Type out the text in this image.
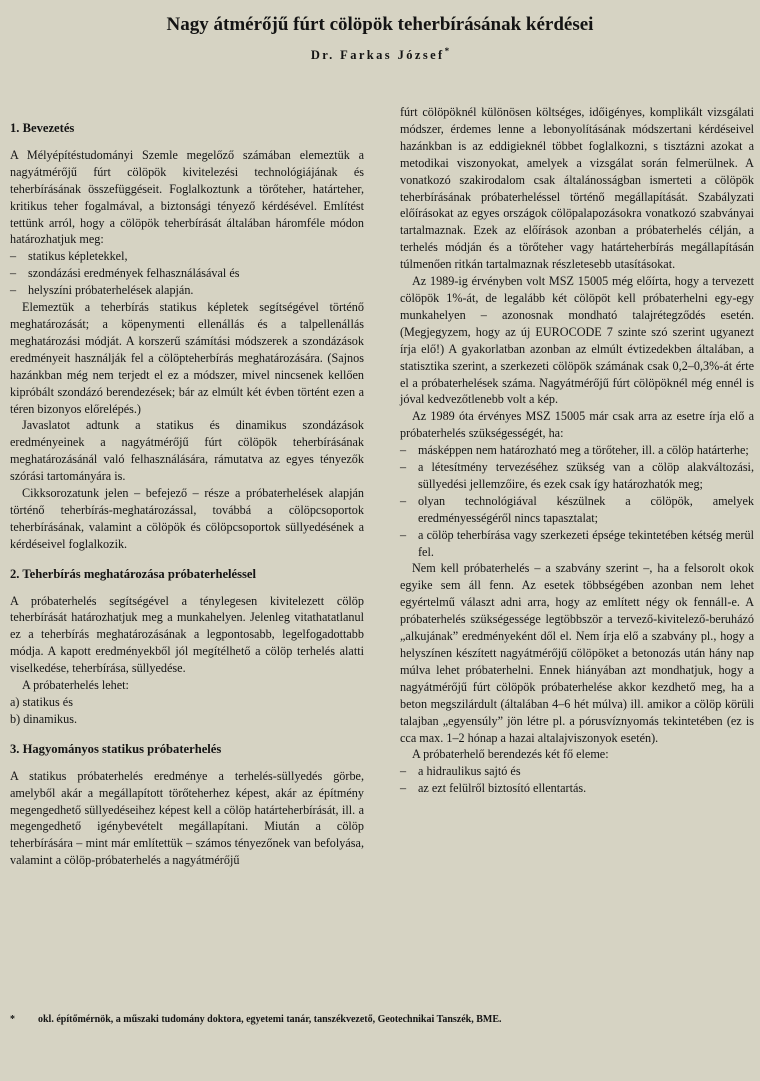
Nagy átmérőjű fúrt cölöpök teherbírásának kérdései
Dr. Farkas József*
1. Bevezetés

A Mélyépítéstudományi Szemle megelőző számában elemeztük a nagyátmérőjű fúrt cölöpök kivitelezési technológiájának és teherbírásának összefüggéseit. Foglalkoztunk a törőteher, határteher, kritikus teher fogalmával, a biztonsági tényező kérdésével. Említést tettünk arról, hogy a cölöpök teherbírását általában háromféle módon határozhatjuk meg:

– statikus képletekkel,
– szondázási eredmények felhasználásával és
– helyszíni próbaterhelések alapján.

Elemeztük a teherbírás statikus képletek segítségével történő meghatározását; a köpenymenti ellenállás és a talpellenállás meghatározási módját. A korszerű számítási módszerek a szondázások eredményeit használják fel a cölöpteherbírás meghatározására. (Sajnos hazánkban még nem terjedt el ez a módszer, mivel nincsenek kellően kipróbált szondázó berendezések; bár az elmúlt két évben történt ezen a téren bizonyos előrelépés.)

Javaslatot adtunk a statikus és dinamikus szondázások eredményeinek a nagyátmérőjű fúrt cölöpök teherbírásának meghatározásánál való felhasználására, rámutatva az egyes tényezők szórási tartományára is.

Cikksorozatunk jelen – befejező – része a próbaterhelések alapján történő teherbírás-meghatározással, továbbá a cölöpcsoportok teherbírásának, valamint a cölöpök és cölöpcsoportok süllyedésének a kérdéseivel foglalkozik.

2. Teherbírás meghatározása próbaterheléssel

A próbaterhelés segítségével a ténylegesen kivitelezett cölöp teherbírását határozhatjuk meg a munkahelyen. Jelenleg vitathatatlanul ez a teherbírás meghatározásának a legpontosabb, legelfogadottabb módja. A kapott eredményekből jól megítélhető a cölöp terhelés alatti viselkedése, teherbírása, süllyedése.

A próbaterhelés lehet:

a) statikus és

b) dinamikus.

3. Hagyományos statikus próbaterhelés

A statikus próbaterhelés eredménye a terhelés-süllyedés görbe, amelyből akár a megállapított törőteherhez képest, akár az építmény megengedhető süllyedéseihez képest kell a cölöp határteherbírását, ill. a megengedhető igénybevételt megállapítani. Miután a cölöp teherbírására – mint már említettük – számos tényezőnek van befolyása, valamint a cölöp-próbaterhelés a nagyátmérőjű

fúrt cölöpöknél különösen költséges, időigényes, komplikált vizsgálati módszer, érdemes lenne a lebonyolításának módszertani kérdéseivel hazánkban is az eddigieknél többet foglalkozni, s tisztázni azokat a metodikai viszonyokat, amelyek a vizsgálat során felmerülnek. A vonatkozó szakirodalom csak általánosságban ismerteti a cölöpök teherbírásának próbaterheléssel történő megállapítását. Szabályzati előírásokat az egyes országok cölöpalapozásokra vonatkozó szabványai tartalmaznak. Ezek az előírások azonban a próbaterhelés céljá‌n, a terhelés módján és a törőteher vagy határteherbírás megállapításán túlmenően ritkán tartalmaznak részletesebb utasításokat.

Az 1989-ig érvényben volt MSZ 15005 még előírta, hogy a tervezett cölöpök 1%-át, de legalább két cölöpöt kell próbaterhelni egy-egy munkahelyen – azonosnak mondható talajrétegződés esetén. (Megjegyzem, hogy az új EUROCODE 7 szinte szó szerint ugyanezt írja elő!) A gyakorlatban azonban az elmúlt évtizedekben általában, a statisztika szerint, a szerkezeti cölöpök számának csak 0,2–0,3%-át érte el a próbaterhelések száma. Nagyátmérőjű fúrt cölöpöknél még ennél is jóval kedvezőtlenebb volt a kép.

Az 1989 óta érvényes MSZ 15005 már csak arra az esetre írja elő a próbaterhelés szükségességét, ha:

– másképpen nem határozható meg a törőteher, ill. a cölöp határterhe;
– a létesítmény tervezéséhez szükség van a cölöp alakváltozási, süllyedési jellemzőire, és ezek csak így határozhatók meg;
– olyan technológiával készülnek a cölöpök, amelyek eredményességéről nincs tapasztalat;
– a cölöp teherbírása vagy szerkezeti épsége tekintetében kétség merül fel.

Nem kell próbaterhelés – a szabvány szerint –, ha a felsorolt okok egyike sem áll fenn. Az esetek többségében azonban nem lehet egyértelmű választ adni arra, hogy az említett négy ok fennáll-e. A próbaterhelés szükségessége legtöbbször a tervező-kivitelező-beruházó „alkujának” eredményeként dől el. Nem írja elő a szabvány pl., hogy a helyszínen készített nagyátmérőjű cölöpöket a betonozás után hány nap múlva lehet próbaterhelni. Ennek hiányában azt mondhatjuk, hogy a nagyátmérőjű fúrt cölöpök próbaterhelése akkor kezdhető meg, ha a beton megszilárdult (általában 4–6 hét múlva) ill. amikor a cölöp körüli talajban „egyensúly” jön létre pl. a pórusvíznyomás tekintetében (ez is cca max. 1–2 hónap a hazai altalajviszonyok esetén).

A próbaterhelő berendezés két fő eleme:

– a hidraulikus sajtó és
– az ezt felülről biztosító ellentartás.
* okl. építőmérnök, a műszaki tudomány doktora, egyetemi tanár, tanszékvezető, Geotechnikai Tanszék, BME.
